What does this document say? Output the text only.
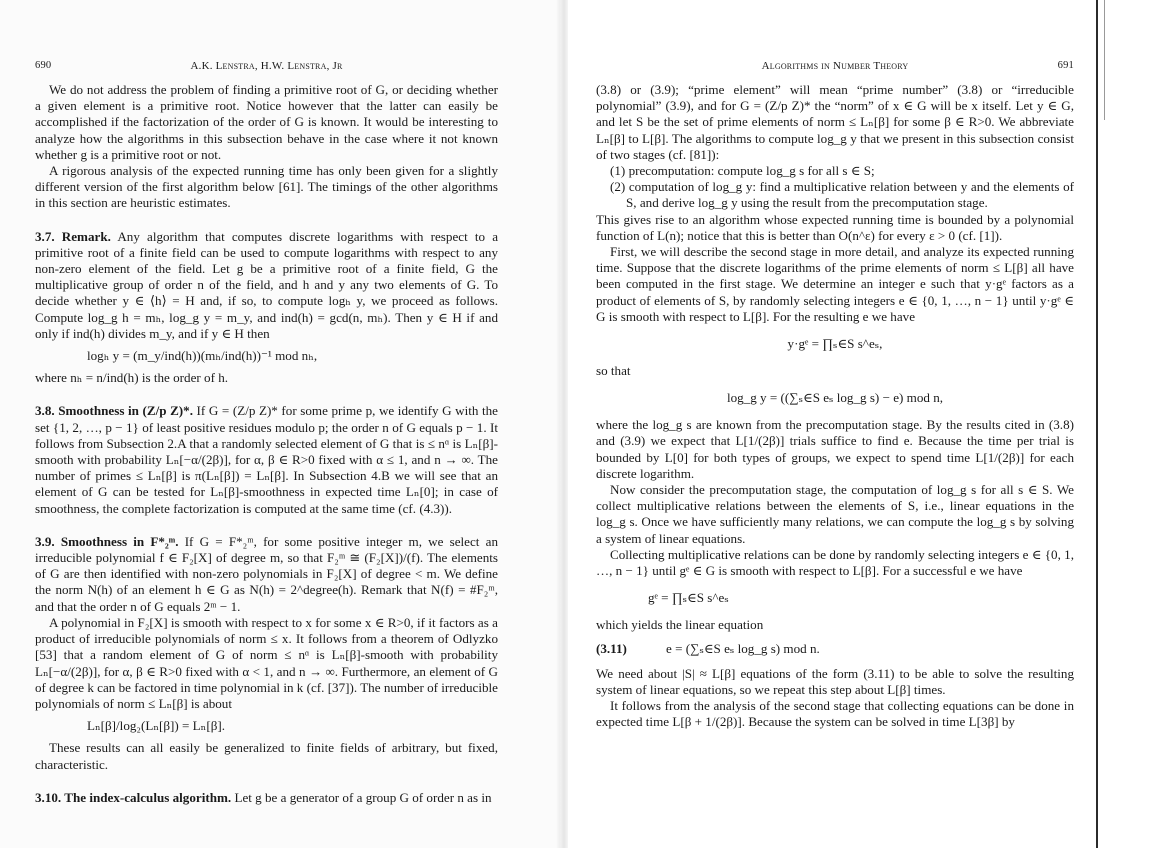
690	A.K. Lenstra, H.W. Lenstra, Jr

We do not address the problem of finding a primitive root of G, or deciding whether a given element is a primitive root. Notice however that the latter can easily be accomplished if the factorization of the order of G is known. It would be interesting to analyze how the algorithms in this subsection behave in the case where it not known whether g is a primitive root or not.

A rigorous analysis of the expected running time has only been given for a slightly different version of the first algorithm below [61]. The timings of the other algorithms in this section are heuristic estimates.

3.7. Remark. Any algorithm that computes discrete logarithms with respect to a primitive root of a finite field can be used to compute logarithms with respect to any non-zero element of the field. Let g be a primitive root of a finite field, G the multiplicative group of order n of the field, and h and y any two elements of G. To decide whether y ∈ ⟨h⟩ = H and, if so, to compute logₕ y, we proceed as follows. Compute log_g h = mₕ, log_g y = m_y, and ind(h) = gcd(n, mₕ). Then y ∈ H if and only if ind(h) divides m_y, and if y ∈ H then

logₕ y = (m_y/ind(h))(mₕ/ind(h))⁻¹ mod nₕ,

where nₕ = n/ind(h) is the order of h.

3.8. Smoothness in (Z/p Z)*. If G = (Z/p Z)* for some prime p, we identify G with the set {1, 2, …, p − 1} of least positive residues modulo p; the order n of G equals p − 1. It follows from Subsection 2.A that a randomly selected element of G that is ≤ nᵅ is Lₙ[β]-smooth with probability Lₙ[−α/(2β)], for α, β ∈ R>0 fixed with α ≤ 1, and n → ∞. The number of primes ≤ Lₙ[β] is π(Lₙ[β]) = Lₙ[β]. In Subsection 4.B we will see that an element of G can be tested for Lₙ[β]-smoothness in expected time Lₙ[0]; in case of smoothness, the complete factorization is computed at the same time (cf. (4.3)).

3.9. Smoothness in F*₂ᵐ. If G = F*₂ᵐ, for some positive integer m, we select an irreducible polynomial f ∈ F₂[X] of degree m, so that F₂ᵐ ≅ (F₂[X])/(f). The elements of G are then identified with non-zero polynomials in F₂[X] of degree < m. We define the norm N(h) of an element h ∈ G as N(h) = 2^degree(h). Remark that N(f) = #F₂ᵐ, and that the order n of G equals 2ᵐ − 1.

A polynomial in F₂[X] is smooth with respect to x for some x ∈ R>0, if it factors as a product of irreducible polynomials of norm ≤ x. It follows from a theorem of Odlyzko [53] that a random element of G of norm ≤ nᵅ is Lₙ[β]-smooth with probability Lₙ[−α/(2β)], for α, β ∈ R>0 fixed with α < 1, and n → ∞. Furthermore, an element of G of degree k can be factored in time polynomial in k (cf. [37]). The number of irreducible polynomials of norm ≤ Lₙ[β] is about

Lₙ[β]/log₂(Lₙ[β]) = Lₙ[β].

These results can all easily be generalized to finite fields of arbitrary, but fixed, characteristic.

3.10. The index-calculus algorithm. Let g be a generator of a group G of order n as in

Algorithms in Number Theory	691

(3.8) or (3.9); “prime element” will mean “prime number” (3.8) or “irreducible polynomial” (3.9), and for G = (Z/p Z)* the “norm” of x ∈ G will be x itself. Let y ∈ G, and let S be the set of prime elements of norm ≤ Lₙ[β] for some β ∈ R>0. We abbreviate Lₙ[β] to L[β]. The algorithms to compute log_g y that we present in this subsection consist of two stages (cf. [81]):

(1) precomputation: compute log_g s for all s ∈ S;
(2) computation of log_g y: find a multiplicative relation between y and the elements of S, and derive log_g y using the result from the precomputation stage.

This gives rise to an algorithm whose expected running time is bounded by a polynomial function of L(n); notice that this is better than O(n^ε) for every ε > 0 (cf. [1]).

First, we will describe the second stage in more detail, and analyze its expected running time. Suppose that the discrete logarithms of the prime elements of norm ≤ L[β] all have been computed in the first stage. We determine an integer e such that y·gᵉ factors as a product of elements of S, by randomly selecting integers e ∈ {0, 1, …, n − 1} until y·gᵉ ∈ G is smooth with respect to L[β]. For the resulting e we have

y·gᵉ = ∏ₛ∈S s^eₛ,

so that

log_g y = ((∑ₛ∈S eₛ log_g s) − e) mod n,

where the log_g s are known from the precomputation stage. By the results cited in (3.8) and (3.9) we expect that L[1/(2β)] trials suffice to find e. Because the time per trial is bounded by L[0] for both types of groups, we expect to spend time L[1/(2β)] for each discrete logarithm.

Now consider the precomputation stage, the computation of log_g s for all s ∈ S. We collect multiplicative relations between the elements of S, i.e., linear equations in the log_g s. Once we have sufficiently many relations, we can compute the log_g s by solving a system of linear equations.

Collecting multiplicative relations can be done by randomly selecting integers e ∈ {0, 1, …, n − 1} until gᵉ ∈ G is smooth with respect to L[β]. For a successful e we have

gᵉ = ∏ₛ∈S s^eₛ

which yields the linear equation

(3.11)	e = (∑ₛ∈S eₛ log_g s) mod n.

We need about |S| ≈ L[β] equations of the form (3.11) to be able to solve the resulting system of linear equations, so we repeat this step about L[β] times.

It follows from the analysis of the second stage that collecting equations can be done in expected time L[β + 1/(2β)]. Because the system can be solved in time L[3β] by
